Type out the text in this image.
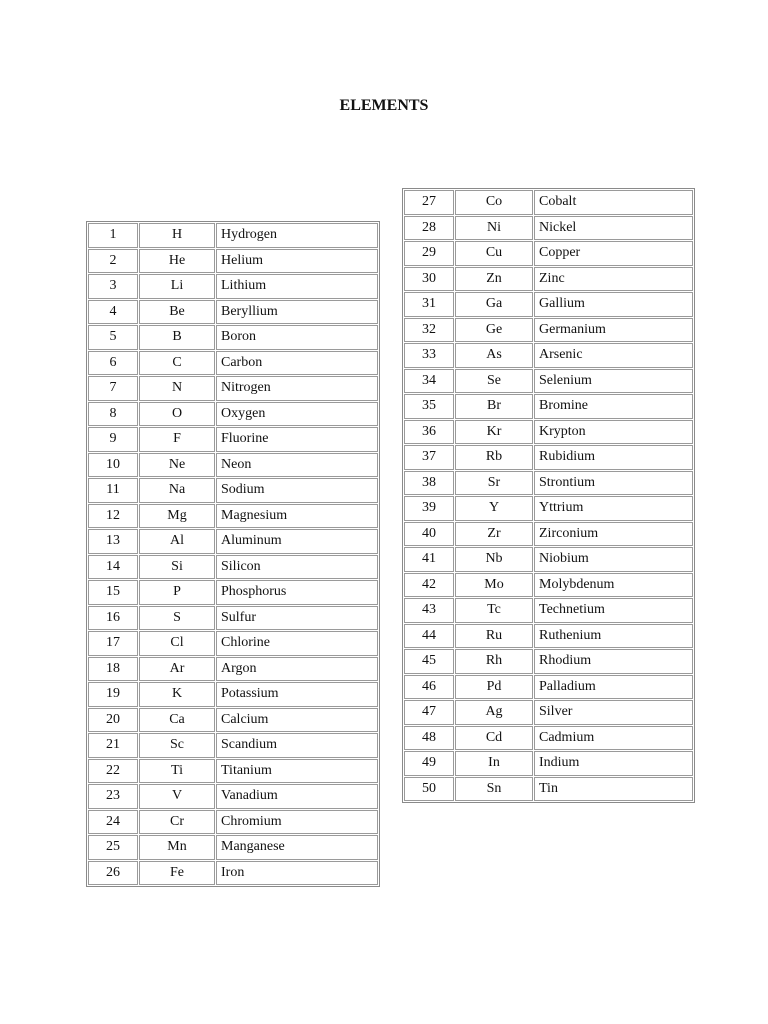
ELEMENTS
1	H	Hydrogen
2	He	Helium
3	Li	Lithium
4	Be	Beryllium
5	B	Boron
6	C	Carbon
7	N	Nitrogen
8	O	Oxygen
9	F	Fluorine
10	Ne	Neon
11	Na	Sodium
12	Mg	Magnesium
13	Al	Aluminum
14	Si	Silicon
15	P	Phosphorus
16	S	Sulfur
17	Cl	Chlorine
18	Ar	Argon
19	K	Potassium
20	Ca	Calcium
21	Sc	Scandium
22	Ti	Titanium
23	V	Vanadium
24	Cr	Chromium
25	Mn	Manganese
26	Fe	Iron
27	Co	Cobalt
28	Ni	Nickel
29	Cu	Copper
30	Zn	Zinc
31	Ga	Gallium
32	Ge	Germanium
33	As	Arsenic
34	Se	Selenium
35	Br	Bromine
36	Kr	Krypton
37	Rb	Rubidium
38	Sr	Strontium
39	Y	Yttrium
40	Zr	Zirconium
41	Nb	Niobium
42	Mo	Molybdenum
43	Tc	Technetium
44	Ru	Ruthenium
45	Rh	Rhodium
46	Pd	Palladium
47	Ag	Silver
48	Cd	Cadmium
49	In	Indium
50	Sn	Tin
